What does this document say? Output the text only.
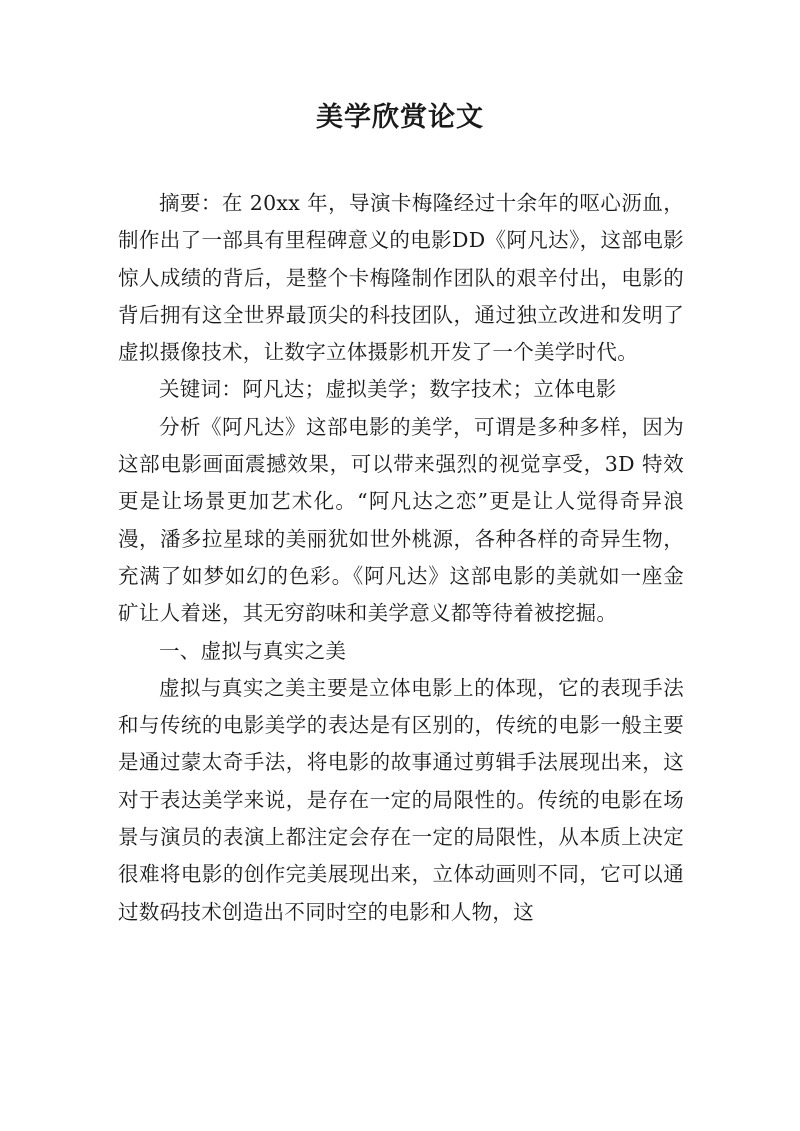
美学欣赏论文

摘要：在 20xx 年，导演卡梅隆经过十余年的呕心沥血，制作出了一部具有里程碑意义的电影DD《阿凡达》，这部电影惊人成绩的背后，是整个卡梅隆制作团队的艰辛付出，电影的背后拥有这全世界最顶尖的科技团队，通过独立改进和发明了虚拟摄像技术，让数字立体摄影机开发了一个美学时代。

关键词：阿凡达；虚拟美学；数字技术；立体电影

分析《阿凡达》这部电影的美学，可谓是多种多样，因为这部电影画面震撼效果，可以带来强烈的视觉享受，3D 特效更是让场景更加艺术化。“阿凡达之恋”更是让人觉得奇异浪漫，潘多拉星球的美丽犹如世外桃源，各种各样的奇异生物，充满了如梦如幻的色彩。《阿凡达》这部电影的美就如一座金矿让人着迷，其无穷韵味和美学意义都等待着被挖掘。

一、虚拟与真实之美

虚拟与真实之美主要是立体电影上的体现，它的表现手法和与传统的电影美学的表达是有区别的，传统的电影一般主要是通过蒙太奇手法，将电影的故事通过剪辑手法展现出来，这对于表达美学来说，是存在一定的局限性的。传统的电影在场景与演员的表演上都注定会存在一定的局限性，从本质上决定很难将电影的创作完美展现出来，立体动画则不同，它可以通过数码技术创造出不同时空的电影和人物，这
